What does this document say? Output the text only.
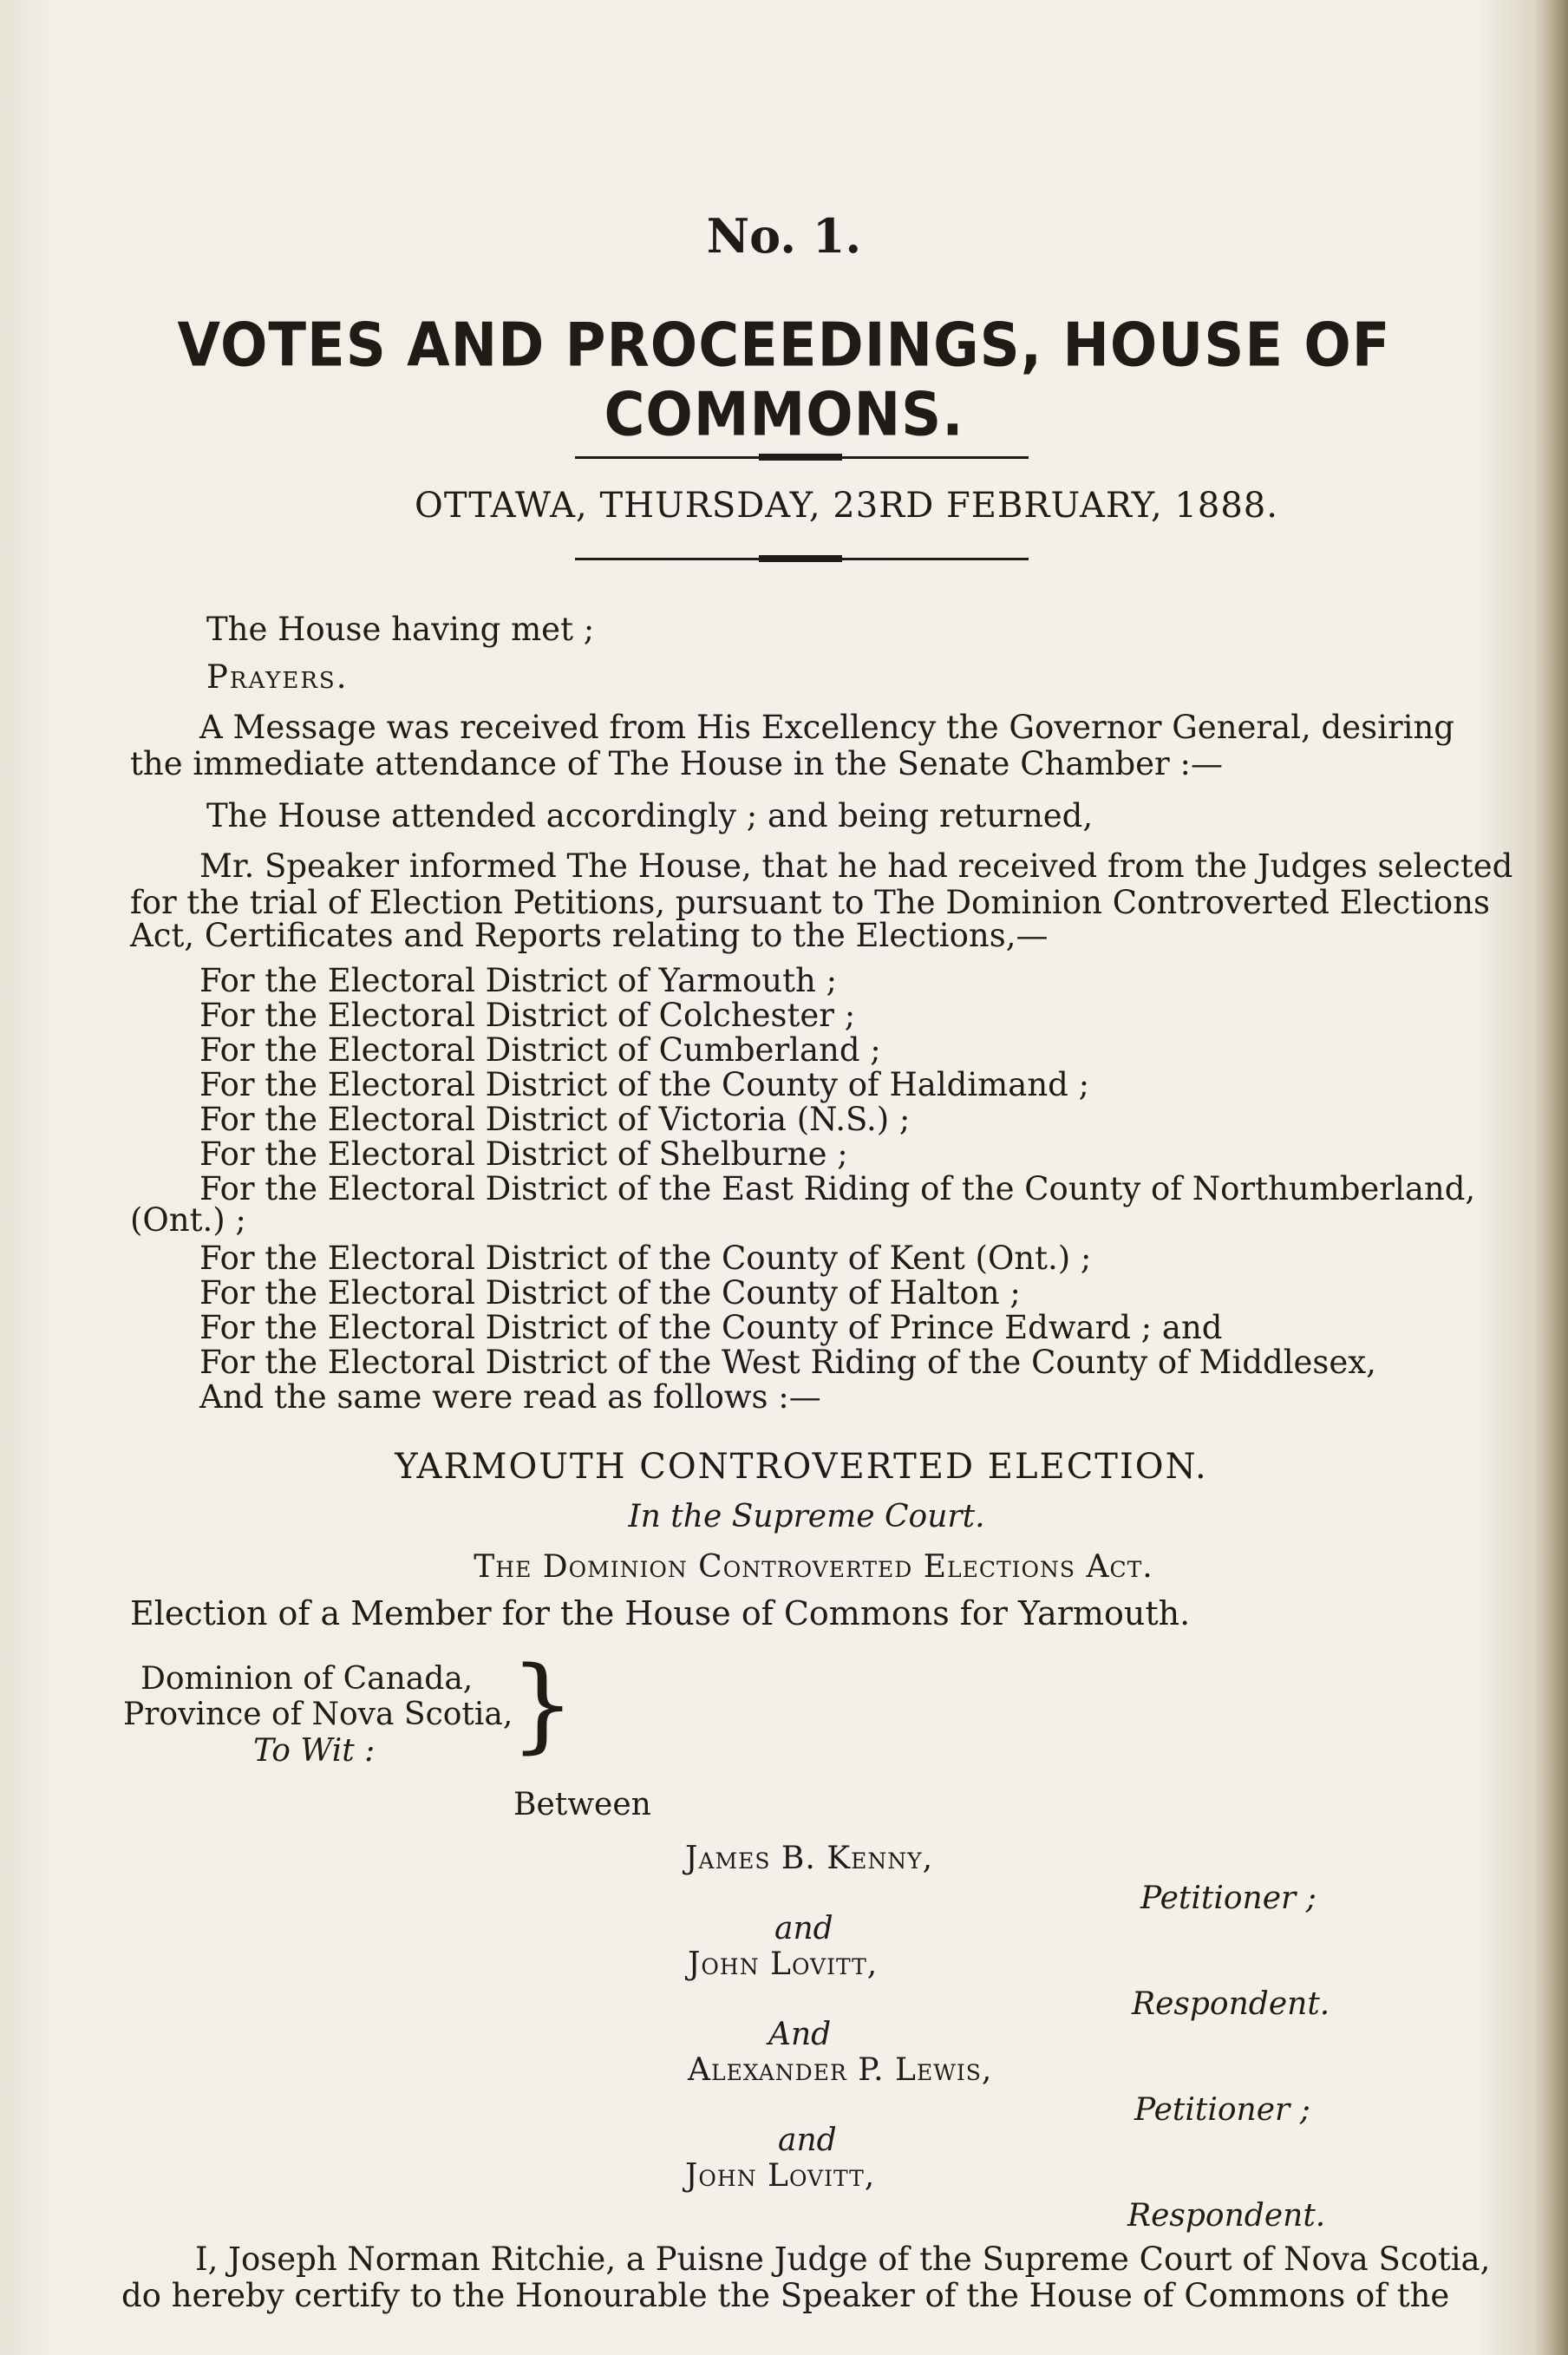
No. 1.
VOTES AND PROCEEDINGS, HOUSE OF COMMONS.
OTTAWA, THURSDAY, 23RD FEBRUARY, 1888.
The House having met ;
Prayers.
A Message was received from His Excellency the Governor General, desiring
the immediate attendance of The House in the Senate Chamber :—
The House attended accordingly ; and being returned,
Mr. Speaker informed The House, that he had received from the Judges selected
for the trial of Election Petitions, pursuant to The Dominion Controverted Elections
Act, Certificates and Reports relating to the Elections,—
For the Electoral District of Yarmouth ;
For the Electoral District of Colchester ;
For the Electoral District of Cumberland ;
For the Electoral District of the County of Haldimand ;
For the Electoral District of Victoria (N.S.) ;
For the Electoral District of Shelburne ;
For the Electoral District of the East Riding of the County of Northumberland,
(Ont.) ;
For the Electoral District of the County of Kent (Ont.) ;
For the Electoral District of the County of Halton ;
For the Electoral District of the County of Prince Edward ; and
For the Electoral District of the West Riding of the County of Middlesex,
And the same were read as follows :—
YARMOUTH CONTROVERTED ELECTION.
In the Supreme Court.
The Dominion Controverted Elections Act.
Election of a Member for the House of Commons for Yarmouth.
Dominion of Canada,
Province of Nova Scotia,
To Wit : }
Between
James B. Kenny,
Petitioner ;
and
John Lovitt,
Respondent.
And
Alexander P. Lewis,
Petitioner ;
and
John Lovitt,
Respondent.
I, Joseph Norman Ritchie, a Puisne Judge of the Supreme Court of Nova Scotia,
do hereby certify to the Honourable the Speaker of the House of Commons of the
